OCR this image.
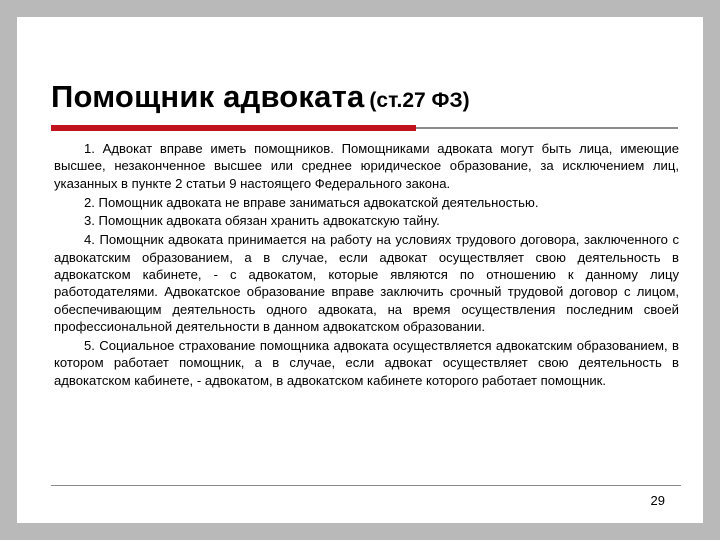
Помощник адвоката (ст.27 ФЗ)

1. Адвокат вправе иметь помощников. Помощниками адвоката могут быть лица, имеющие высшее, незаконченное высшее или среднее юридическое образование, за исключением лиц, указанных в пункте 2 статьи 9 настоящего Федерального закона.

2. Помощник адвоката не вправе заниматься адвокатской деятельностью.

3. Помощник адвоката обязан хранить адвокатскую тайну.

4. Помощник адвоката принимается на работу на условиях трудового договора, заключенного с адвокатским образованием, а в случае, если адвокат осуществляет свою деятельность в адвокатском кабинете, - с адвокатом, которые являются по отношению к данному лицу работодателями. Адвокатское образование вправе заключить срочный трудовой договор с лицом, обеспечивающим деятельность одного адвоката, на время осуществления последним своей профессиональной деятельности в данном адвокатском образовании.

5. Социальное страхование помощника адвоката осуществляется адвокатским образованием, в котором работает помощник, а в случае, если адвокат осуществляет свою деятельность в адвокатском кабинете, - адвокатом, в адвокатском кабинете которого работает помощник.

29
